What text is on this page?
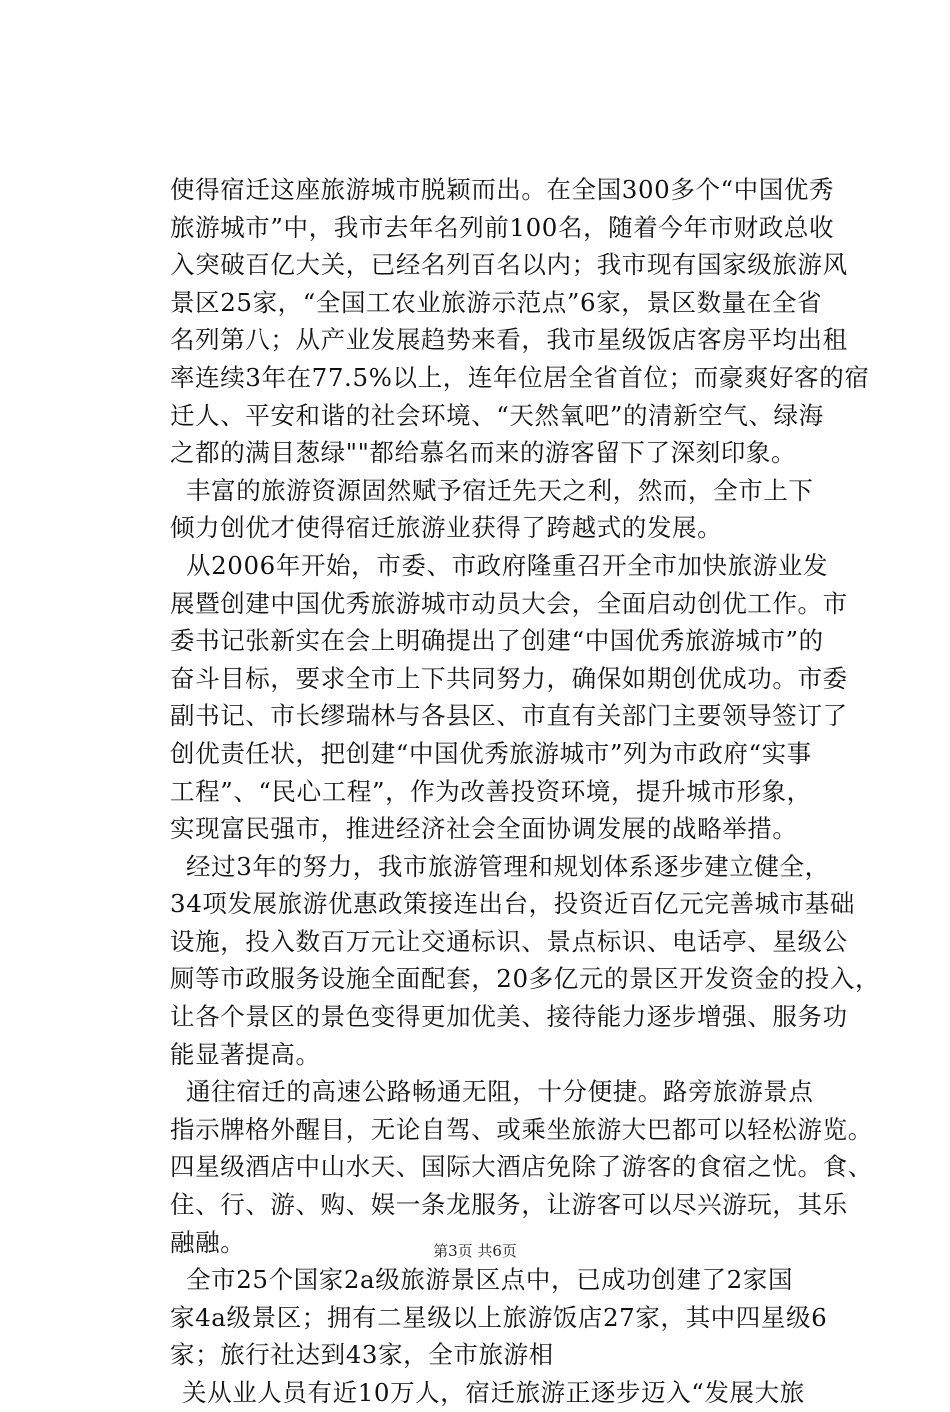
使得宿迁这座旅游城市脱颖而出。在全国300多个“中国优秀
旅游城市”中，我市去年名列前100名，随着今年市财政总收
入突破百亿大关，已经名列百名以内；我市现有国家级旅游风
景区25家，“全国工农业旅游示范点”6家，景区数量在全省
名列第八；从产业发展趋势来看，我市星级饭店客房平均出租
率连续3年在77.5%以上，连年位居全省首位；而豪爽好客的宿
迁人、平安和谐的社会环境、“天然氧吧”的清新空气、绿海
之都的满目葱绿""都给慕名而来的游客留下了深刻印象。
丰富的旅游资源固然赋予宿迁先天之利，然而，全市上下
倾力创优才使得宿迁旅游业获得了跨越式的发展。
从2006年开始，市委、市政府隆重召开全市加快旅游业发
展暨创建中国优秀旅游城市动员大会，全面启动创优工作。市
委书记张新实在会上明确提出了创建“中国优秀旅游城市”的
奋斗目标，要求全市上下共同努力，确保如期创优成功。市委
副书记、市长缪瑞林与各县区、市直有关部门主要领导签订了
创优责任状，把创建“中国优秀旅游城市”列为市政府“实事
工程”、“民心工程”，作为改善投资环境，提升城市形象，
实现富民强市，推进经济社会全面协调发展的战略举措。
经过3年的努力，我市旅游管理和规划体系逐步建立健全，
34项发展旅游优惠政策接连出台，投资近百亿元完善城市基础
设施，投入数百万元让交通标识、景点标识、电话亭、星级公
厕等市政服务设施全面配套，20多亿元的景区开发资金的投入，
让各个景区的景色变得更加优美、接待能力逐步增强、服务功
能显著提高。
通往宿迁的高速公路畅通无阻，十分便捷。路旁旅游景点
指示牌格外醒目，无论自驾、或乘坐旅游大巴都可以轻松游览。
四星级酒店中山水天、国际大酒店免除了游客的食宿之忧。食、
住、行、游、购、娱一条龙服务，让游客可以尽兴游玩，其乐
融融。
全市25个国家2a级旅游景区点中，已成功创建了2家国
家4a级景区；拥有二星级以上旅游饭店27家，其中四星级6
家；旅行社达到43家，全市旅游相
关从业人员有近10万人，宿迁旅游正逐步迈入“发展大旅
第3页 共6页
